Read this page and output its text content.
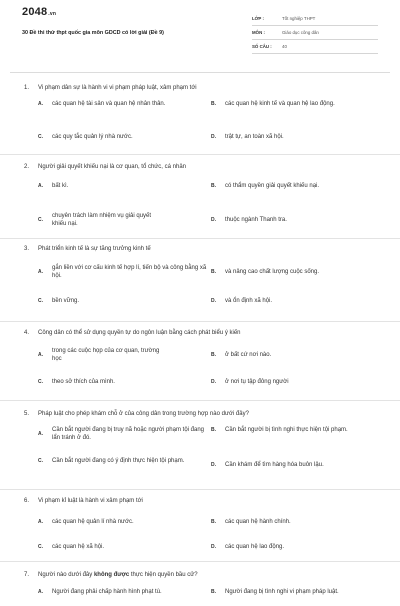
2048.vn
30 Đề thi thử thpt quốc gia môn GDCD có lời giải (Đề 9)
LỚP :	Tốt nghiệp THPT
MÔN :	Giáo dục công dân
SỐ CÂU :	40
1. Vi phạm dân sự là hành vi vi phạm pháp luật, xâm phạm tới
A.	các quan hệ tài sản và quan hệ nhân thân.	B.	các quan hệ kinh tế và quan hệ lao động.
C.	các quy tắc quản lý nhà nước.	D.	trật tự, an toàn xã hội.
2. Người giải quyết khiếu nại là cơ quan, tổ chức, cá nhân
A.	bất kì.	B.	có thẩm quyền giải quyết khiếu nại.
C.
chuyên trách làm nhiệm vụ giải quyết khiếu nại.
D.	thuộc ngành Thanh tra.
3. Phát triển kinh tế là sự tăng trưởng kinh tế
A.
gắn liền với cơ cấu kinh tế hợp lí, tiến bộ và công bằng xã hội.
B.	và nâng cao chất lượng cuộc sống.
C.	bền vững.	D.	và ổn định xã hội.
4. Công dân có thể sử dụng quyền tự do ngôn luận bằng cách phát biểu ý kiến
A.
trong các cuộc họp của cơ quan, trường học
B.	ở bất cứ nơi nào.
C.	theo sở thích của mình.	D.	ở nơi tụ tập đông người
5. Pháp luật cho phép khám chỗ ở của công dân trong trường hợp nào dưới đây?
A.
Cần bắt người đang bị truy nã hoặc người phạm tội đang lẩn tránh ở đó.
B.	Cần bắt người bị tình nghi thực hiện tội phạm.
C.	Cần bắt người đang có ý định thực hiện tội phạm.
D.	Cần khám để tìm hàng hóa buôn lậu.
6. Vi phạm kỉ luật là hành vi xâm phạm tới
A.	các quan hệ quản lí nhà nước.	B.	các quan hệ hành chính.
C.	các quan hệ xã hội.	D.	các quan hệ lao động.
7. Người nào dưới đây không được thực hiện quyền bầu cử?
A.	Người đang phải chấp hành hình phạt tù.	B.	Người đang bị tình nghi vi phạm pháp luật.
